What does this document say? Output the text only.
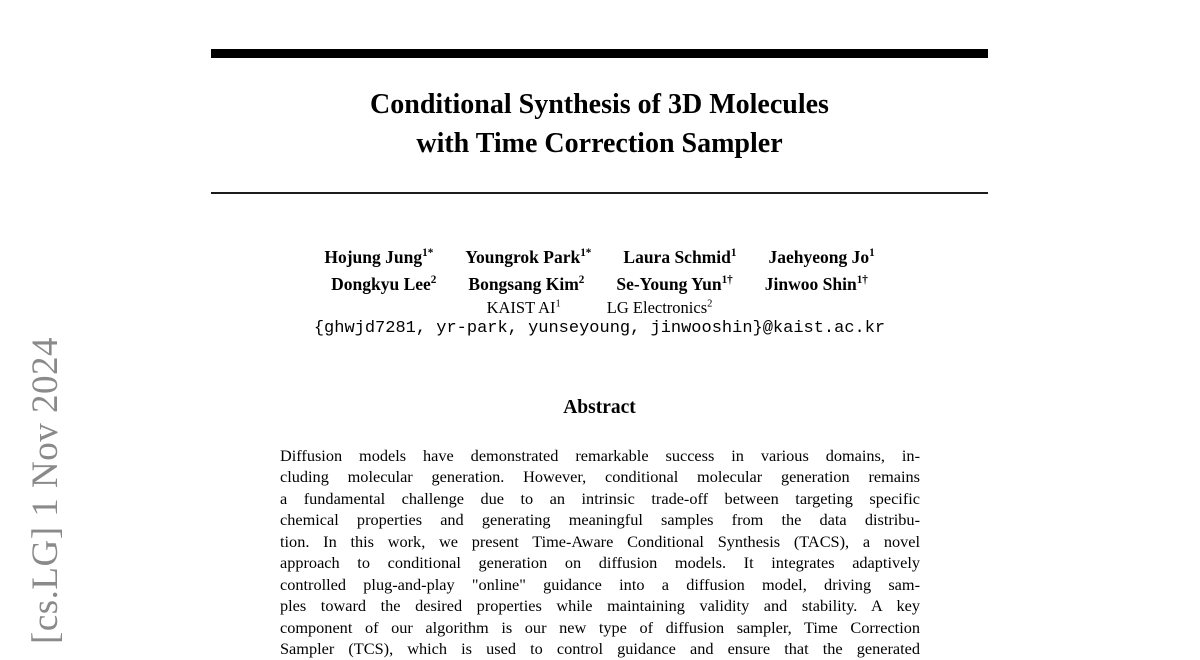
[cs.LG] 1 Nov 2024
Conditional Synthesis of 3D Molecules
with Time Correction Sampler
Hojung Jung$^{1*}$ Youngrok Park$^{1*}$ Laura Schmid$^1$ Jaehyeong Jo$^1$
Dongkyu Lee$^2$ Bongsang Kim$^2$ Se-Young Yun$^{1\dagger}$ Jinwoo Shin$^{1\dagger}$
KAIST $AI^1$	LG Electronics$^2$
{ghwjd7281, yr-park, yunseyoung, jinwooshin}@kaist.ac.kr
Abstract
Diffusion models have demonstrated remarkable success in various domains, in-
cluding molecular generation. However, conditional molecular generation remains
a fundamental challenge due to an intrinsic trade-off between targeting specific
chemical properties and generating meaningful samples from the data distribu-
tion. In this work, we present Time-Aware Conditional Synthesis (TACS), a novel
approach to conditional generation on diffusion models. It integrates adaptively
controlled plug-and-play "online" guidance into a diffusion model, driving sam-
ples toward the desired properties while maintaining validity and stability. A key
component of our algorithm is our new type of diffusion sampler, Time Correction
Sampler (TCS), which is used to control guidance and ensure that the generated
